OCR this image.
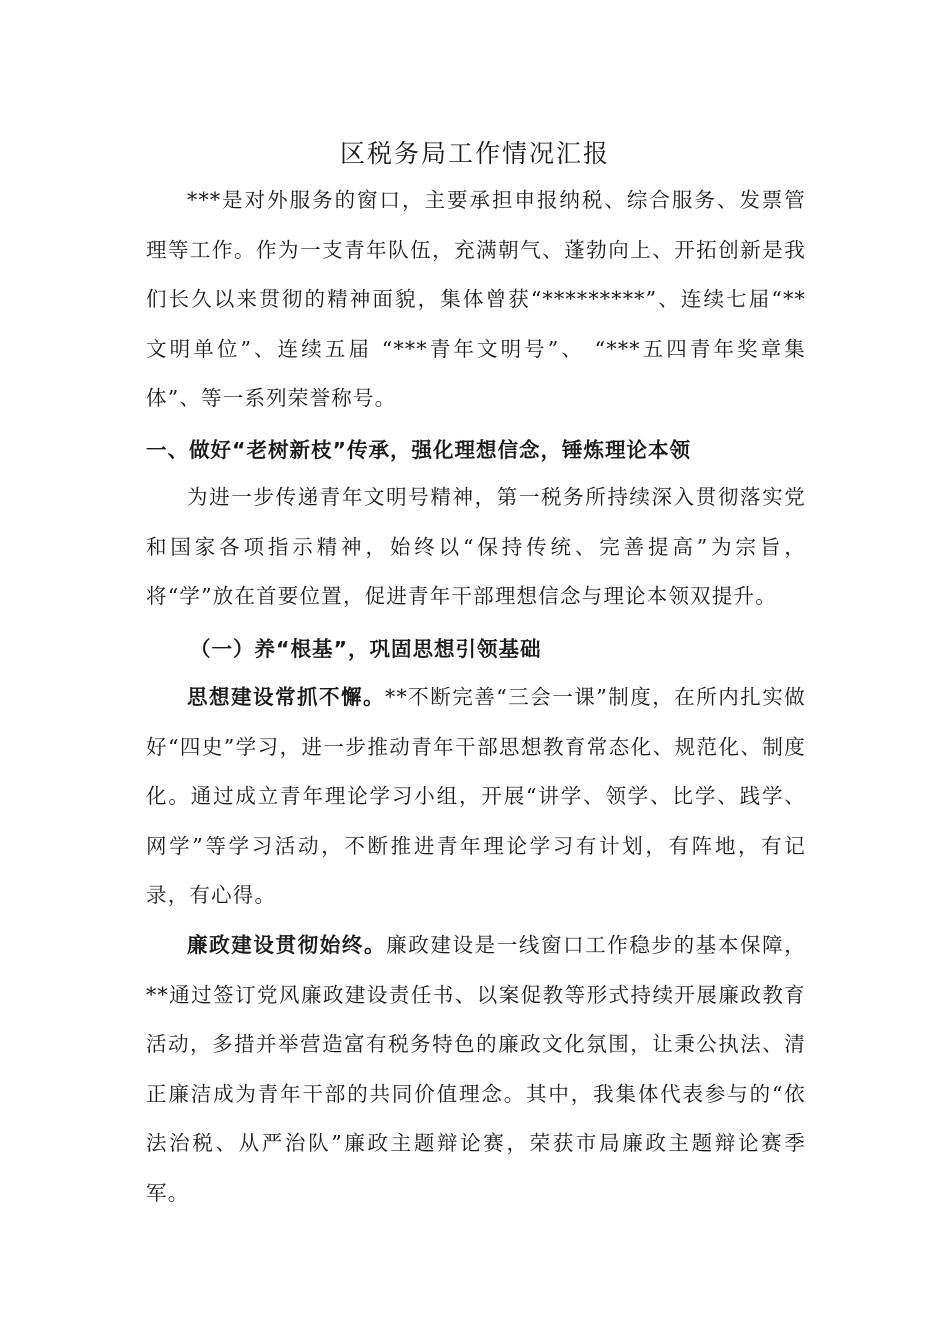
区税务局工作情况汇报

***是对外服务的窗口，主要承担申报纳税、综合服务、发票管理等工作。作为一支青年队伍，充满朝气、蓬勃向上、开拓创新是我们长久以来贯彻的精神面貌，集体曾获“*********”、连续七届“**文明单位”、连续五届 “***青年文明号”、 “***五四青年奖章集体”、等一系列荣誉称号。

一、做好“老树新枝”传承，强化理想信念，锤炼理论本领

为进一步传递青年文明号精神，第一税务所持续深入贯彻落实党和国家各项指示精神，始终以“保持传统、完善提高”为宗旨，将“学”放在首要位置，促进青年干部理想信念与理论本领双提升。

（一）养“根基”，巩固思想引领基础

思想建设常抓不懈。**不断完善“三会一课”制度，在所内扎实做好“四史”学习，进一步推动青年干部思想教育常态化、规范化、制度化。通过成立青年理论学习小组，开展“讲学、领学、比学、践学、网学”等学习活动，不断推进青年理论学习有计划，有阵地，有记录，有心得。

廉政建设贯彻始终。廉政建设是一线窗口工作稳步的基本保障，**通过签订党风廉政建设责任书、以案促教等形式持续开展廉政教育活动，多措并举营造富有税务特色的廉政文化氛围，让秉公执法、清正廉洁成为青年干部的共同价值理念。其中，我集体代表参与的“依法治税、从严治队”廉政主题辩论赛，荣获市局廉政主题辩论赛季军。
